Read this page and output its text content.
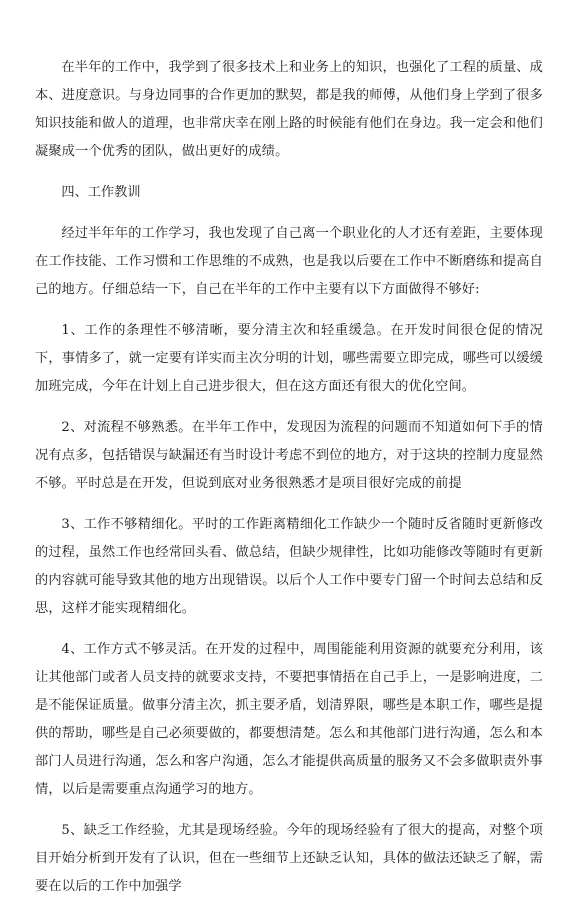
在半年的工作中，我学到了很多技术上和业务上的知识，也强化了工程的质量、成本、进度意识。与身边同事的合作更加的默契，都是我的师傅，从他们身上学到了很多知识技能和做人的道理，也非常庆幸在刚上路的时候能有他们在身边。我一定会和他们凝聚成一个优秀的团队，做出更好的成绩。

四、工作教训

经过半年年的工作学习，我也发现了自己离一个职业化的人才还有差距，主要体现在工作技能、工作习惯和工作思维的不成熟，也是我以后要在工作中不断磨练和提高自己的地方。仔细总结一下，自己在半年的工作中主要有以下方面做得不够好:

1、工作的条理性不够清晰，要分清主次和轻重缓急。在开发时间很仓促的情况下，事情多了，就一定要有详实而主次分明的计划，哪些需要立即完成，哪些可以缓缓加班完成，今年在计划上自己进步很大，但在这方面还有很大的优化空间。

2、对流程不够熟悉。在半年工作中，发现因为流程的问题而不知道如何下手的情况有点多，包括错误与缺漏还有当时设计考虑不到位的地方，对于这块的控制力度显然不够。平时总是在开发，但说到底对业务很熟悉才是项目很好完成的前提

3、工作不够精细化。平时的工作距离精细化工作缺少一个随时反省随时更新修改的过程，虽然工作也经常回头看、做总结，但缺少规律性，比如功能修改等随时有更新的内容就可能导致其他的地方出现错误。以后个人工作中要专门留一个时间去总结和反思，这样才能实现精细化。

4、工作方式不够灵活。在开发的过程中，周围能能利用资源的就要充分利用，该让其他部门或者人员支持的就要求支持，不要把事情捂在自己手上，一是影响进度，二是不能保证质量。做事分清主次，抓主要矛盾，划清界限，哪些是本职工作，哪些是提供的帮助，哪些是自己必须要做的，都要想清楚。怎么和其他部门进行沟通，怎么和本部门人员进行沟通，怎么和客户沟通，怎么才能提供高质量的服务又不会多做职责外事情，以后是需要重点沟通学习的地方。

5、缺乏工作经验，尤其是现场经验。今年的现场经验有了很大的提高，对整个项目开始分析到开发有了认识，但在一些细节上还缺乏认知，具体的做法还缺乏了解，需要在以后的工作中加强学
